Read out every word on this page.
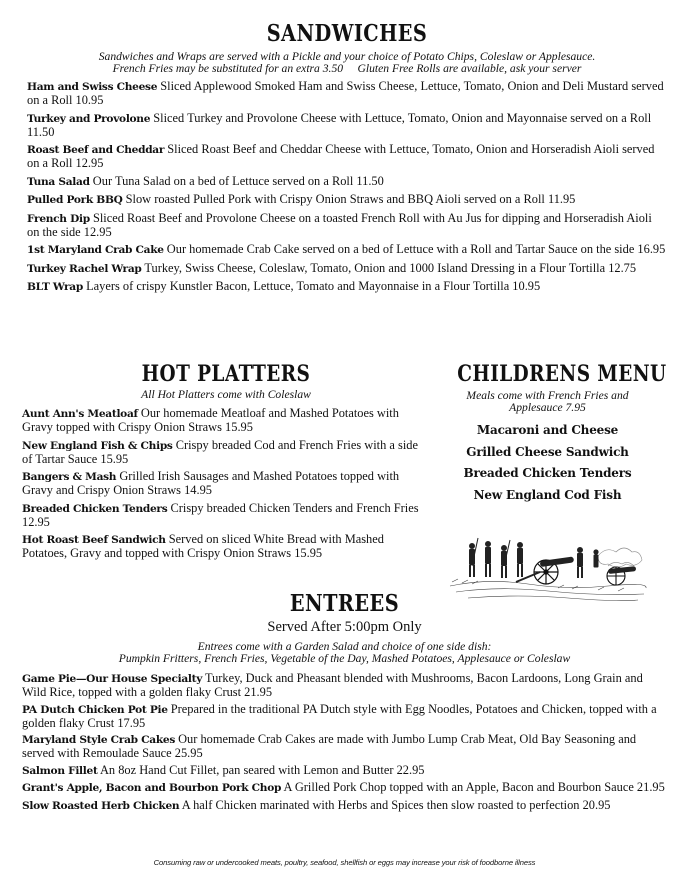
SANDWICHES
Sandwiches and Wraps are served with a Pickle and your choice of Potato Chips, Coleslaw or Applesauce.
French Fries may be substituted for an extra 3.50     Gluten Free Rolls are available, ask your server
Ham and Swiss Cheese Sliced Applewood Smoked Ham and Swiss Cheese, Lettuce, Tomato, Onion and Deli Mustard served on a Roll 10.95
Turkey and Provolone Sliced Turkey and Provolone Cheese with Lettuce, Tomato, Onion and Mayonnaise served on a Roll 11.50
Roast Beef and Cheddar Sliced Roast Beef and Cheddar Cheese with Lettuce, Tomato, Onion and Horseradish Aioli served on a Roll 12.95
Tuna Salad Our Tuna Salad on a bed of Lettuce served on a Roll 11.50
Pulled Pork BBQ Slow roasted Pulled Pork with Crispy Onion Straws and BBQ Aioli served on a Roll 11.95
French Dip Sliced Roast Beef and Provolone Cheese on a toasted French Roll with Au Jus for dipping and Horseradish Aioli on the side 12.95
1st Maryland Crab Cake Our homemade Crab Cake served on a bed of Lettuce with a Roll and Tartar Sauce on the side 16.95
Turkey Rachel Wrap Turkey, Swiss Cheese, Coleslaw, Tomato, Onion and 1000 Island Dressing in a Flour Tortilla 12.75
BLT Wrap Layers of crispy Kunstler Bacon, Lettuce, Tomato and Mayonnaise in a Flour Tortilla 10.95
HOT PLATTERS
All Hot Platters come with Coleslaw
Aunt Ann's Meatloaf Our homemade Meatloaf and Mashed Potatoes with Gravy topped with Crispy Onion Straws 15.95
New England Fish & Chips Crispy breaded Cod and French Fries with a side of Tartar Sauce 15.95
Bangers & Mash Grilled Irish Sausages and Mashed Potatoes topped with Gravy and Crispy Onion Straws 14.95
Breaded Chicken Tenders Crispy breaded Chicken Tenders and French Fries 12.95
Hot Roast Beef Sandwich Served on sliced White Bread with Mashed Potatoes, Gravy and topped with Crispy Onion Straws 15.95
CHILDRENS MENU
Meals come with French Fries and Applesauce 7.95
Macaroni and Cheese
Grilled Cheese Sandwich
Breaded Chicken Tenders
New England Cod Fish
ENTREES
Served After 5:00pm Only
Entrees come with a Garden Salad and choice of one side dish:
Pumpkin Fritters, French Fries, Vegetable of the Day, Mashed Potatoes, Applesauce or Coleslaw
Game Pie—Our House Specialty Turkey, Duck and Pheasant blended with Mushrooms, Bacon Lardoons, Long Grain and Wild Rice, topped with a golden flaky Crust 21.95
PA Dutch Chicken Pot Pie Prepared in the traditional PA Dutch style with Egg Noodles, Potatoes and Chicken, topped with a golden flaky Crust 17.95
Maryland Style Crab Cakes Our homemade Crab Cakes are made with Jumbo Lump Crab Meat, Old Bay Seasoning and served with Remoulade Sauce 25.95
Salmon Fillet An 8oz Hand Cut Fillet, pan seared with Lemon and Butter 22.95
Grant's Apple, Bacon and Bourbon Pork Chop A Grilled Pork Chop topped with an Apple, Bacon and Bourbon Sauce 21.95
Slow Roasted Herb Chicken A half Chicken marinated with Herbs and Spices then slow roasted to perfection 20.95
Consuming raw or undercooked meats, poultry, seafood, shellfish or eggs may increase your risk of foodborne illness
